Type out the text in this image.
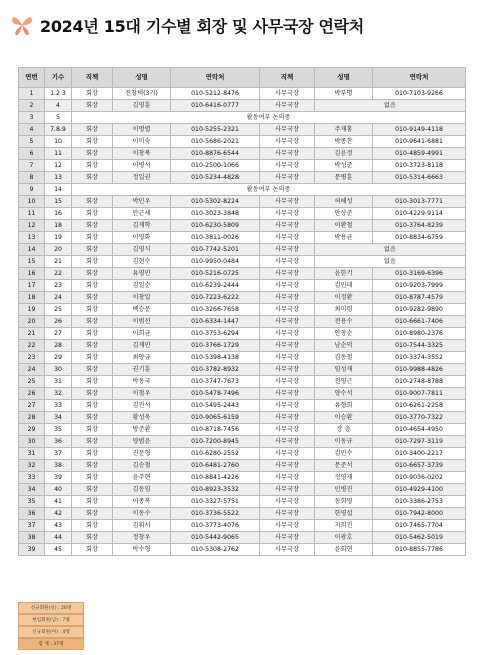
2024년 15대 기수별 회장 및 사무국장 연락처
연번	기수	직책	성명	연락처	직책	성명	연락처
1	1.2.3	회장	전창택(3기)	010-5212-8476	사무국장	박부명	010-7103-9266
2	4	회장	김영훈	010-6416-0777	사무국장	없음	
3	5	활동여부 논의중					
4	7.8.9	회장	이명렬	010-5255-2321	사무국장	주재홍	010-9149-4118
5	10	회장	이미숙	010-5686-2021	사무국장	박종찬	010-9641-6881
6	11	회장	이창북	010-8876-6544	사무국장	김윤정	010-4859-4991
7	12	회장	이병석	010-2500-1066	사무국장	박성준	010-3723-8118
8	13	회장	정일권	010-5234-4828	사무국장	문병훈	010-5314-6663
9	14	활동여부 논의중					
10	15	회장	박민우	010-5302-8224	사무국장	허해성	010-3013-7771
11	16	회장	안근세	010-3023-3848	사무국장	안상준	010-4229-9114
12	18	회장	김재학	010-6230-5809	사무국장	이환철	010-3764-8239
13	19	회장	이영화	010-3811-0026	사무국장	박용균	010-8834-6759
14	20	회장	김영식	010-7742-5201	사무국장	없음	
15	21	회장	김현수	010-9950-0484	사무국장	없음	
16	22	회장	유영민	010-5216-0725	사무국장	윤한기	010-3169-6396
17	23	회장	김일순	010-6239-2444	사무국장	김민태	010-9203-7999
18	24	회장	이창일	010-7223-6222	사무국장	이정환	010-8787-4579
19	25	회장	백승문	010-3266-7658	사무국장	최미령	010-9282-9890
20	26	회장	이범선	010-6334-1447	사무국장	전용수	010-6661-7406
21	27	회장	이희균	010-3753-6294	사무국장	안창순	010-8980-2376
22	28	회장	김재민	010-3766-1729	사무국장	남순덕	010-7544-3325
23	29	회장	최양금	010-5398-4138	사무국장	김동철	010-3374-3552
24	30	회장	권기훈	010-3782-8932	사무국장	임성재	010-9988-4826
25	31	회장	박동국	010-3747-7673	사무국장	전영근	010-2748-8788
26	32	회장	이철우	010-5478-7496	사무국장	양수석	010-9007-7811
27	33	회장	김진석	010-5495-2443	사무국장	유형희	010-6261-2258
28	34	회장	황성욱	010-9065-6159	사무국장	이승환	010-3770-7322
29	35	회장	방준환	010-8718-7456	사무국장	장 충	010-4654-4950
30	36	회장	양범윤	010-7200-8945	사무국장	이동규	010-7297-3119
31	37	회장	진문형	010-6280-2552	사무국장	김민수	010-3400-2217
32	38	회장	김승철	010-6481-2760	사무국장	문준석	010-6657-3739
33	39	회장	윤주현	010-8841-4226	사무국장	정영재	010-9036-0202
34	40	회장	김동임	010-8923-3532	사무국장	민병진	010-4929-4100
35	41	회장	이종복	010-3327-5751	사무국장	동희영	010-3386-2753
36	42	회장	이동수	010-3736-5522	사무국장	한영섭	010-7942-8000
37	43	회장	김휘서	010-3773-4076	사무국장	지희진	010-7465-7704
38	44	회장	정창우	010-5442-9065	사무국장	이광호	010-5462-5019
39	45	회장	박수형	010-5308-2762	사무국장	윤회현	010-8855-7786
신규회원(신) : 26명
현업회원(남) : 7명
신규회원(여) : 4명
합 계 : 37명
